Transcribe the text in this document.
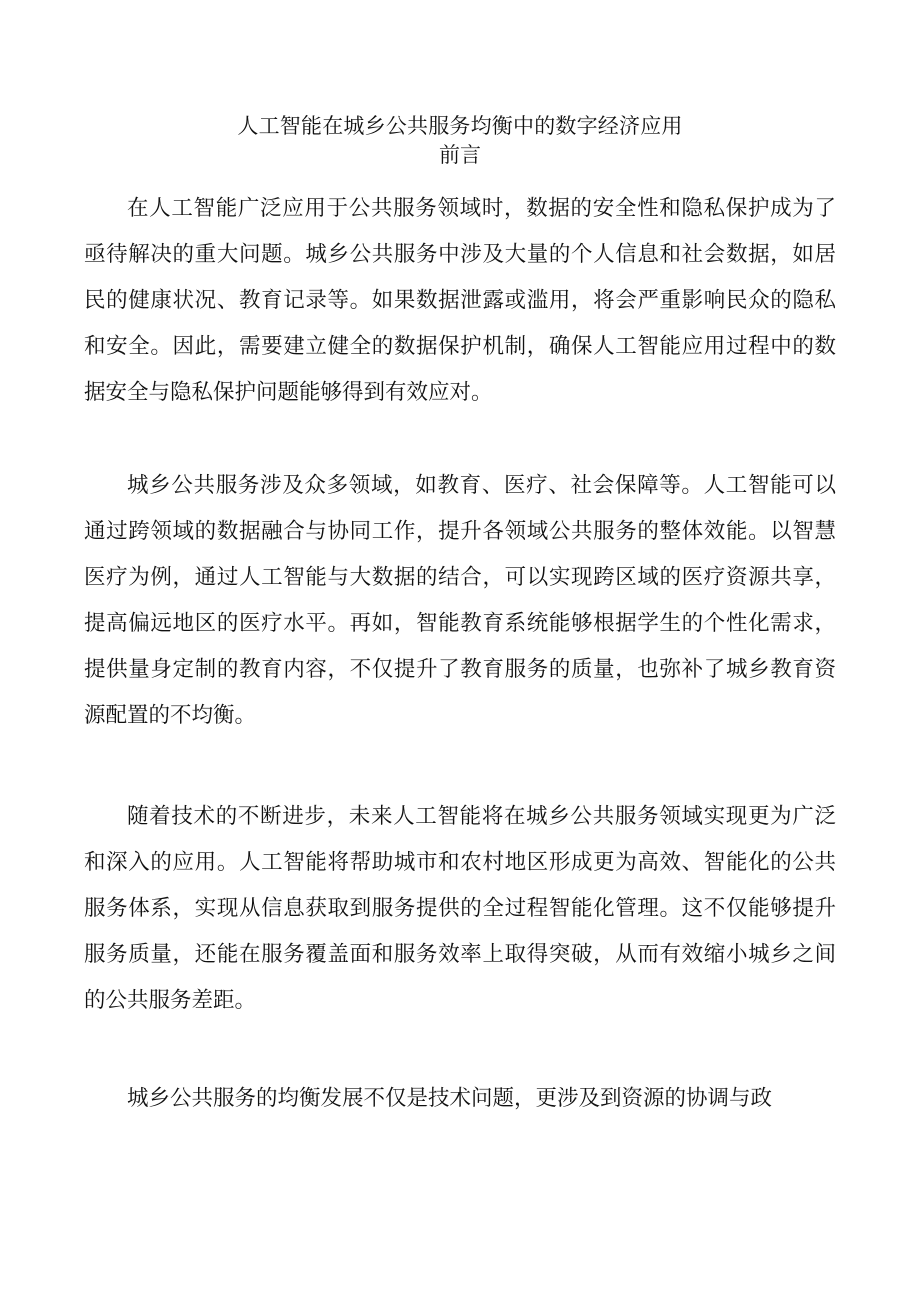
人工智能在城乡公共服务均衡中的数字经济应用
前言

在人工智能广泛应用于公共服务领域时，数据的安全性和隐私保护成为了亟待解决的重大问题。城乡公共服务中涉及大量的个人信息和社会数据，如居民的健康状况、教育记录等。如果数据泄露或滥用，将会严重影响民众的隐私和安全。因此，需要建立健全的数据保护机制，确保人工智能应用过程中的数据安全与隐私保护问题能够得到有效应对。

城乡公共服务涉及众多领域，如教育、医疗、社会保障等。人工智能可以通过跨领域的数据融合与协同工作，提升各领域公共服务的整体效能。以智慧医疗为例，通过人工智能与大数据的结合，可以实现跨区域的医疗资源共享，提高偏远地区的医疗水平。再如，智能教育系统能够根据学生的个性化需求，提供量身定制的教育内容，不仅提升了教育服务的质量，也弥补了城乡教育资源配置的不均衡。

随着技术的不断进步，未来人工智能将在城乡公共服务领域实现更为广泛和深入的应用。人工智能将帮助城市和农村地区形成更为高效、智能化的公共服务体系，实现从信息获取到服务提供的全过程智能化管理。这不仅能够提升服务质量，还能在服务覆盖面和服务效率上取得突破，从而有效缩小城乡之间的公共服务差距。

城乡公共服务的均衡发展不仅是技术问题，更涉及到资源的协调与政
